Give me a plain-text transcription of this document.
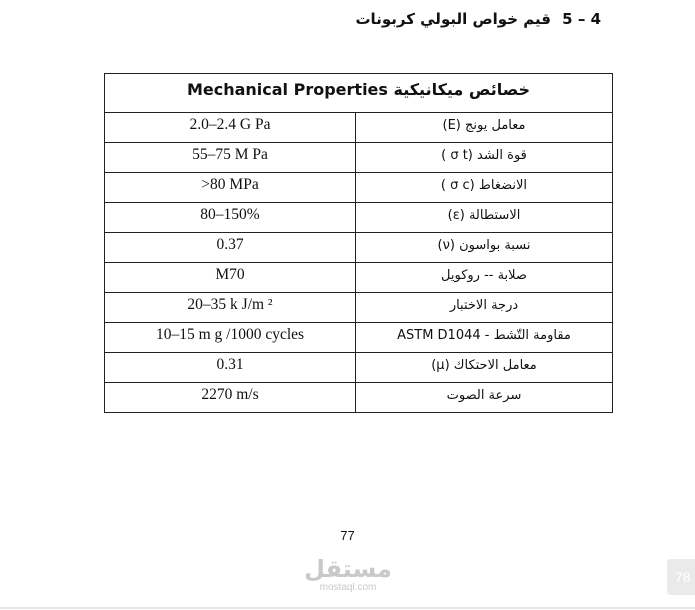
4 – 5 قيم خواص البولي كربونات
Mechanical Properties خصائص ميكانيكية	
2.0–2.4 G Pa	معامل يونج (E)
55–75 M Pa	قوة الشد (σ t )
>80 MPa	الانضغاط (σ c )
80–150%	الاستطالة (ε)
0.37	نسبة بواسون (ν)
M70	صلابة -- روكويل
20–35 k J/m ²	درجة الاختبار
10–15 m g /1000 cycles	مقاومة التّشط - ASTM D1044
0.31	معامل الاحتكاك (μ)
2270 m/s	سرعة الصوت
77
مستقل
mostaql.com
78
